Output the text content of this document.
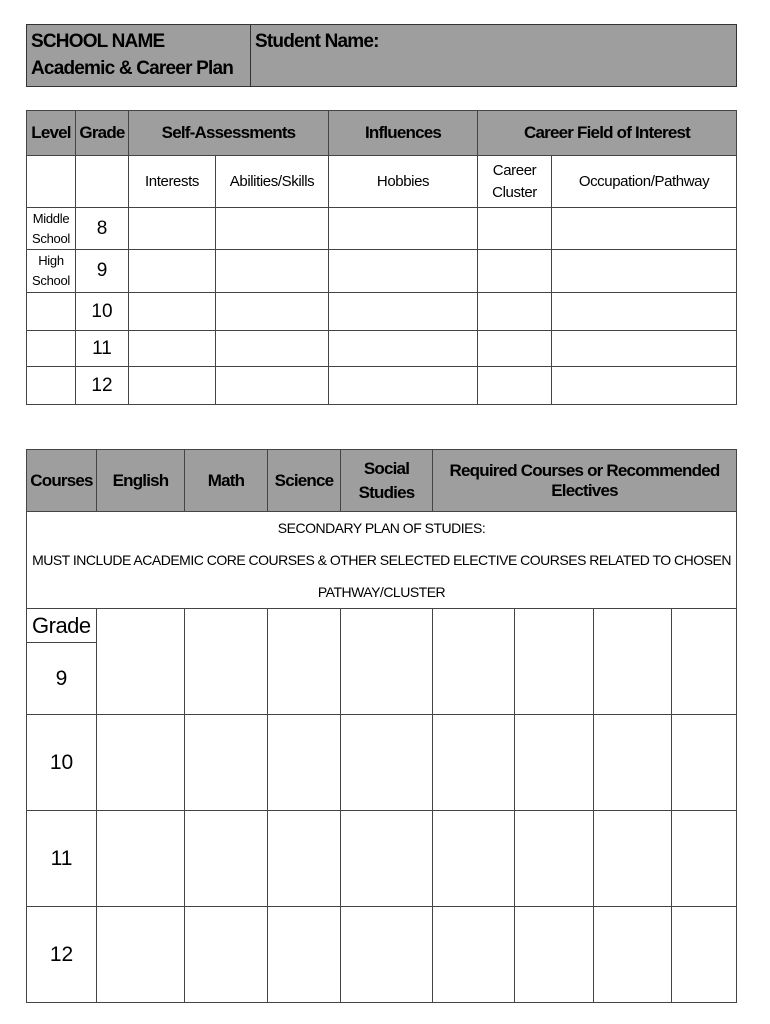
SCHOOL NAME
Academic & Career Plan
	Student Name:
Level	Grade	Self-Assessments		Influences	Career Field of Interest	
		Interests	Abilities/Skills	Hobbies	Career Cluster	Occupation/Pathway
Middle School	8					
High School	9					
	10					
	11					
	12					
Courses	English	Math	Science	Social Studies	Required Courses or Recommended Electives			

SECONDARY PLAN OF STUDIES:
MUST INCLUDE ACADEMIC CORE COURSES & OTHER SELECTED ELECTIVE COURSES RELATED TO CHOSEN PATHWAY/CLUSTER								

Grade								
9								
10								
11								
12								
